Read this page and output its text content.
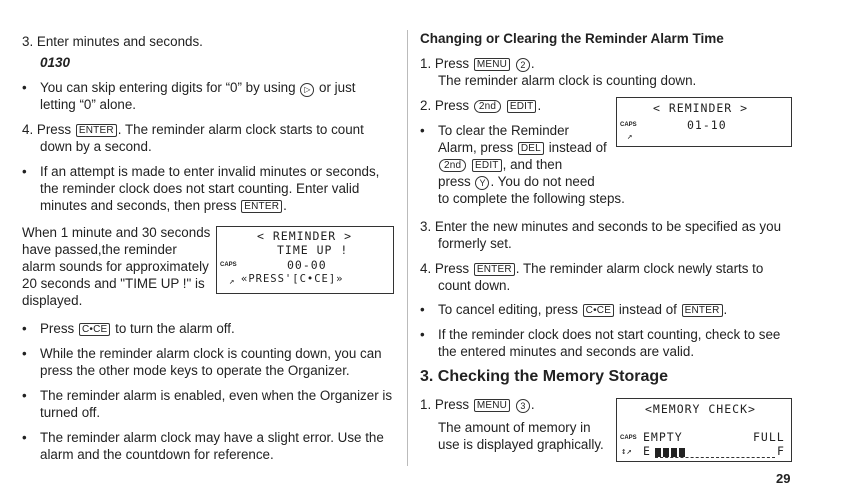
3. Enter minutes and seconds.
0130
• You can skip entering digits for “0” by using ▷ or just
letting “0” alone.
4. Press ENTER . The reminder alarm clock starts to count
down by a second.
• If an attempt is made to enter invalid minutes or seconds,
the reminder clock does not start counting. Enter valid
minutes and seconds, then press ENTER .
When 1 minute and 30 seconds
have passed,the reminder
alarm sounds for approximately
20 seconds and "TIME UP !" is
displayed.
< REMINDER >
TIME UP !
CAPS	00-00
↗ «PRESS'[C•CE]»
• Press C•CE to turn the alarm off.
• While the reminder alarm clock is counting down, you can
press the other mode keys to operate the Organizer.
• The reminder alarm is enabled, even when the Organizer is
turned off.
• The reminder alarm clock may have a slight error. Use the
alarm and the countdown for reference.
Changing or Clearing the Reminder Alarm Time
1. Press MENU 2 .
The reminder alarm clock is counting down.
2. Press 2nd EDIT .
• To clear the Reminder
Alarm, press DEL instead of
2nd EDIT , and then
press Y . You do not need
to complete the following steps.
< REMINDER >
CAPS	01-10
↗
3. Enter the new minutes and seconds to be specified as you
formerly set.
4. Press ENTER . The reminder alarm clock newly starts to
count down.
• To cancel editing, press C•CE instead of ENTER .
• If the reminder clock does not start counting, check to see
the entered minutes and seconds are valid.
3. Checking the Memory Storage
1. Press MENU 3 .
The amount of memory in
use is displayed graphically.
<MEMORY CHECK>
CAPS EMPTY	FULL
↕↗ E	F
29
